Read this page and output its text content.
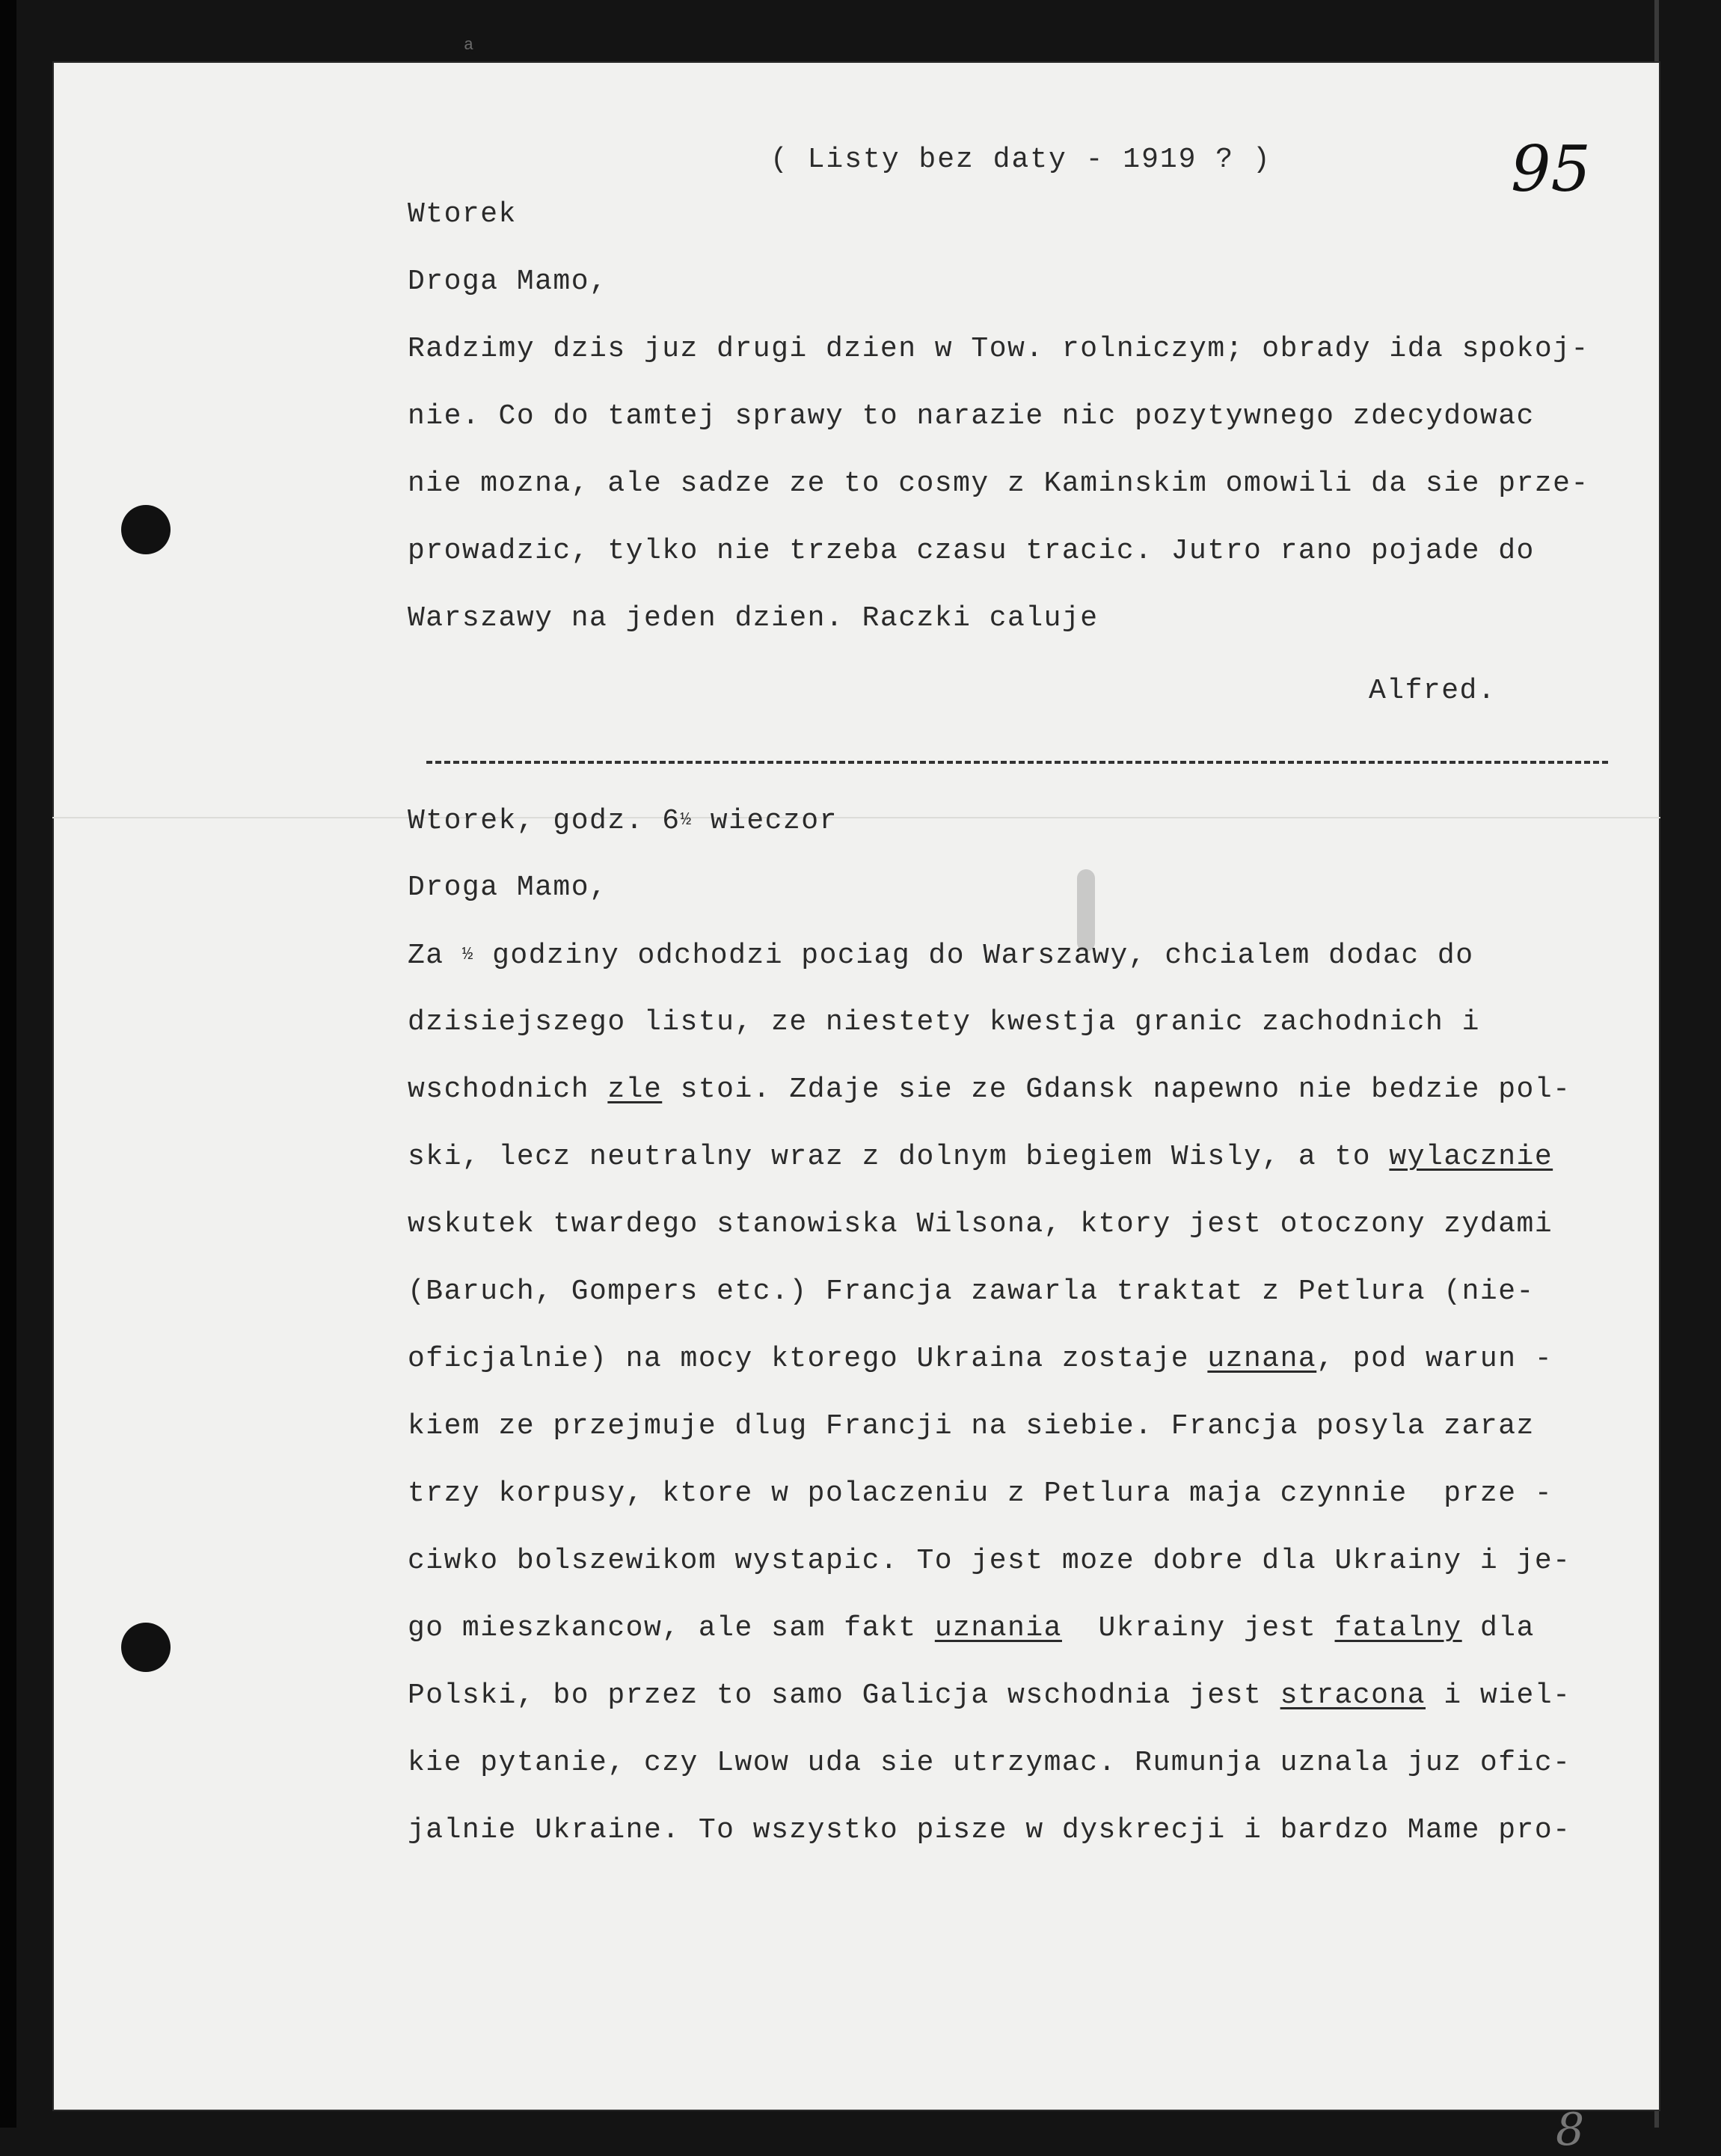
a
( Listy bez daty - 1919 ? )	95
Wtorek
Droga Mamo,
Radzimy dzis juz drugi dzien w Tow. rolniczym; obrady ida spokoj-
nie. Co do tamtej sprawy to narazie nic pozytywnego zdecydowac
nie mozna, ale sadze ze to cosmy z Kaminskim omowili da sie prze-
prowadzic, tylko nie trzeba czasu tracic. Jutro rano pojade do
Warszawy na jeden dzien. Raczki caluje
Alfred.
Wtorek, godz. 6½ wieczor
Droga Mamo,
Za ½ godziny odchodzi pociag do Warszawy, chcialem dodac do
dzisiejszego listu, ze niestety kwestja granic zachodnich i
wschodnich zle stoi. Zdaje sie ze Gdansk napewno nie bedzie pol-
ski, lecz neutralny wraz z dolnym biegiem Wisly, a to wylacznie
wskutek twardego stanowiska Wilsona, ktory jest otoczony zydami
(Baruch, Gompers etc.) Francja zawarla traktat z Petlura (nie-
oficjalnie) na mocy ktorego Ukraina zostaje uznana, pod warun -
kiem ze przejmuje dlug Francji na siebie. Francja posyla zaraz
trzy korpusy, ktore w polaczeniu z Petlura maja czynnie  prze -
ciwko bolszewikom wystapic. To jest moze dobre dla Ukrainy i je-
go mieszkancow, ale sam fakt uznania  Ukrainy jest fatalny dla
Polski, bo przez to samo Galicja wschodnia jest stracona i wiel-
kie pytanie, czy Lwow uda sie utrzymac. Rumunja uznala juz ofic-
jalnie Ukraine. To wszystko pisze w dyskrecji i bardzo Mame pro-
8
